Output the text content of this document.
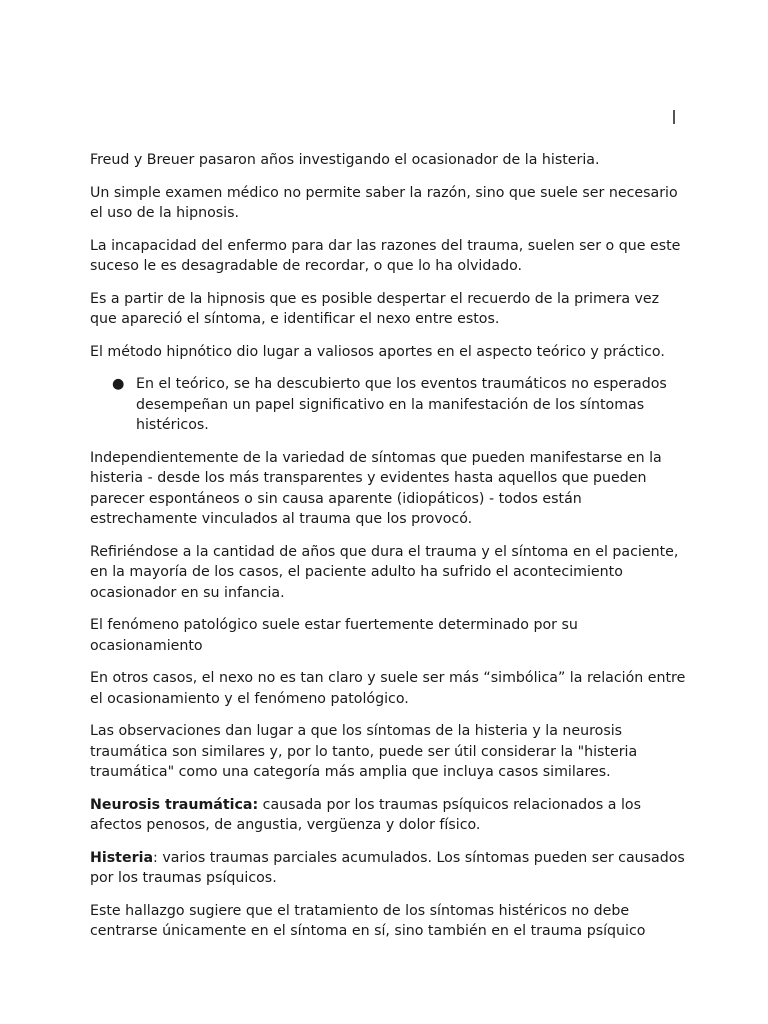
Freud y Breuer pasaron años investigando el ocasionador de la histeria.

Un simple examen médico no permite saber la razón, sino que suele ser necesario el uso de la hipnosis.

La incapacidad del enfermo para dar las razones del trauma, suelen ser o que este suceso le es desagradable de recordar, o que lo ha olvidado.

Es a partir de la hipnosis que es posible despertar el recuerdo de la primera vez que apareció el síntoma, e identificar el nexo entre estos.

El método hipnótico dio lugar a valiosos aportes en el aspecto teórico y práctico.

● En el teórico, se ha descubierto que los eventos traumáticos no esperados desempeñan un papel significativo en la manifestación de los síntomas histéricos.

Independientemente de la variedad de síntomas que pueden manifestarse en la histeria - desde los más transparentes y evidentes hasta aquellos que pueden parecer espontáneos o sin causa aparente (idiopáticos) - todos están estrechamente vinculados al trauma que los provocó.

Refiriéndose a la cantidad de años que dura el trauma y el síntoma en el paciente, en la mayoría de los casos, el paciente adulto ha sufrido el acontecimiento ocasionador en su infancia.

El fenómeno patológico suele estar fuertemente determinado por su ocasionamiento

En otros casos, el nexo no es tan claro y suele ser más “simbólica” la relación entre el ocasionamiento y el fenómeno patológico.

Las observaciones dan lugar a que los síntomas de la histeria y la neurosis traumática son similares y, por lo tanto, puede ser útil considerar la "histeria traumática" como una categoría más amplia que incluya casos similares.

Neurosis traumática: causada por los traumas psíquicos relacionados a los afectos penosos, de angustia, vergüenza y dolor físico.

Histeria: varios traumas parciales acumulados. Los síntomas pueden ser causados por los traumas psíquicos.

Este hallazgo sugiere que el tratamiento de los síntomas histéricos no debe centrarse únicamente en el síntoma en sí, sino también en el trauma psíquico
